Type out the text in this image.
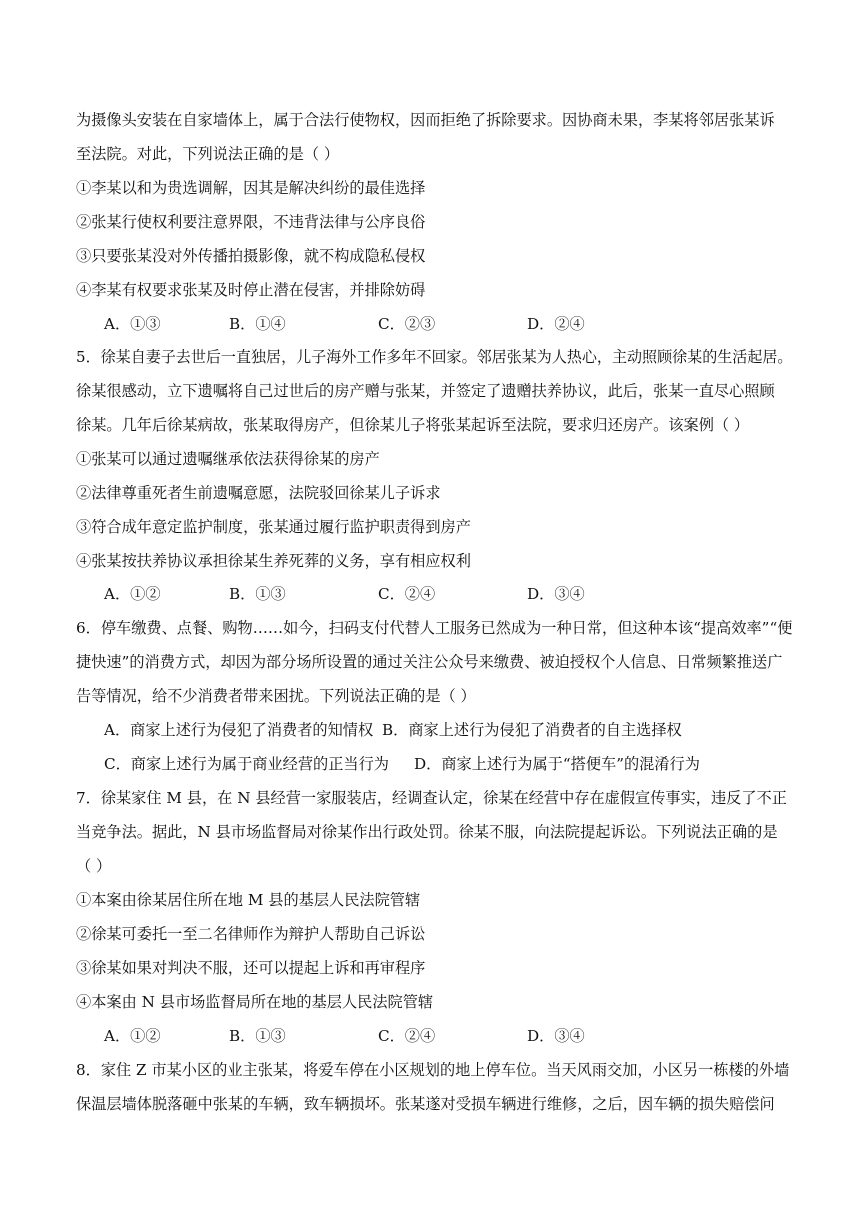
为摄像头安装在自家墙体上，属于合法行使物权，因而拒绝了拆除要求。因协商未果，李某将邻居张某诉
至法院。对此，下列说法正确的是（ ）
①李某以和为贵选调解，因其是解决纠纷的最佳选择
②张某行使权利要注意界限，不违背法律与公序良俗
③只要张某没对外传播拍摄影像，就不构成隐私侵权
④李某有权要求张某及时停止潜在侵害，并排除妨碍
A．①③	B．①④	C．②③	D．②④
5．徐某自妻子去世后一直独居，儿子海外工作多年不回家。邻居张某为人热心，主动照顾徐某的生活起居。
徐某很感动，立下遗嘱将自己过世后的房产赠与张某，并签定了遗赠扶养协议，此后，张某一直尽心照顾
徐某。几年后徐某病故，张某取得房产，但徐某儿子将张某起诉至法院，要求归还房产。该案例（ ）
①张某可以通过遗嘱继承依法获得徐某的房产
②法律尊重死者生前遗嘱意愿，法院驳回徐某儿子诉求
③符合成年意定监护制度，张某通过履行监护职责得到房产
④张某按扶养协议承担徐某生养死葬的义务，享有相应权利
A．①②	B．①③	C．②④	D．③④
6．停车缴费、点餐、购物……如今，扫码支付代替人工服务已然成为一种日常，但这种本该“提高效率”“便
捷快速”的消费方式，却因为部分场所设置的通过关注公众号来缴费、被迫授权个人信息、日常频繁推送广
告等情况，给不少消费者带来困扰。下列说法正确的是（ ）
A．商家上述行为侵犯了消费者的知情权 B．商家上述行为侵犯了消费者的自主选择权
C．商家上述行为属于商业经营的正当行为 D．商家上述行为属于“搭便车”的混淆行为
7．徐某家住 M 县，在 N 县经营一家服装店，经调查认定，徐某在经营中存在虚假宣传事实，违反了不正
当竞争法。据此，N 县市场监督局对徐某作出行政处罚。徐某不服，向法院提起诉讼。下列说法正确的是
（ ）
①本案由徐某居住所在地 M 县的基层人民法院管辖
②徐某可委托一至二名律师作为辩护人帮助自己诉讼
③徐某如果对判决不服，还可以提起上诉和再审程序
④本案由 N 县市场监督局所在地的基层人民法院管辖
A．①②	B．①③	C．②④	D．③④
8．家住 Z 市某小区的业主张某，将爱车停在小区规划的地上停车位。当天风雨交加，小区另一栋楼的外墙
保温层墙体脱落砸中张某的车辆，致车辆损坏。张某遂对受损车辆进行维修，之后，因车辆的损失赔偿问
